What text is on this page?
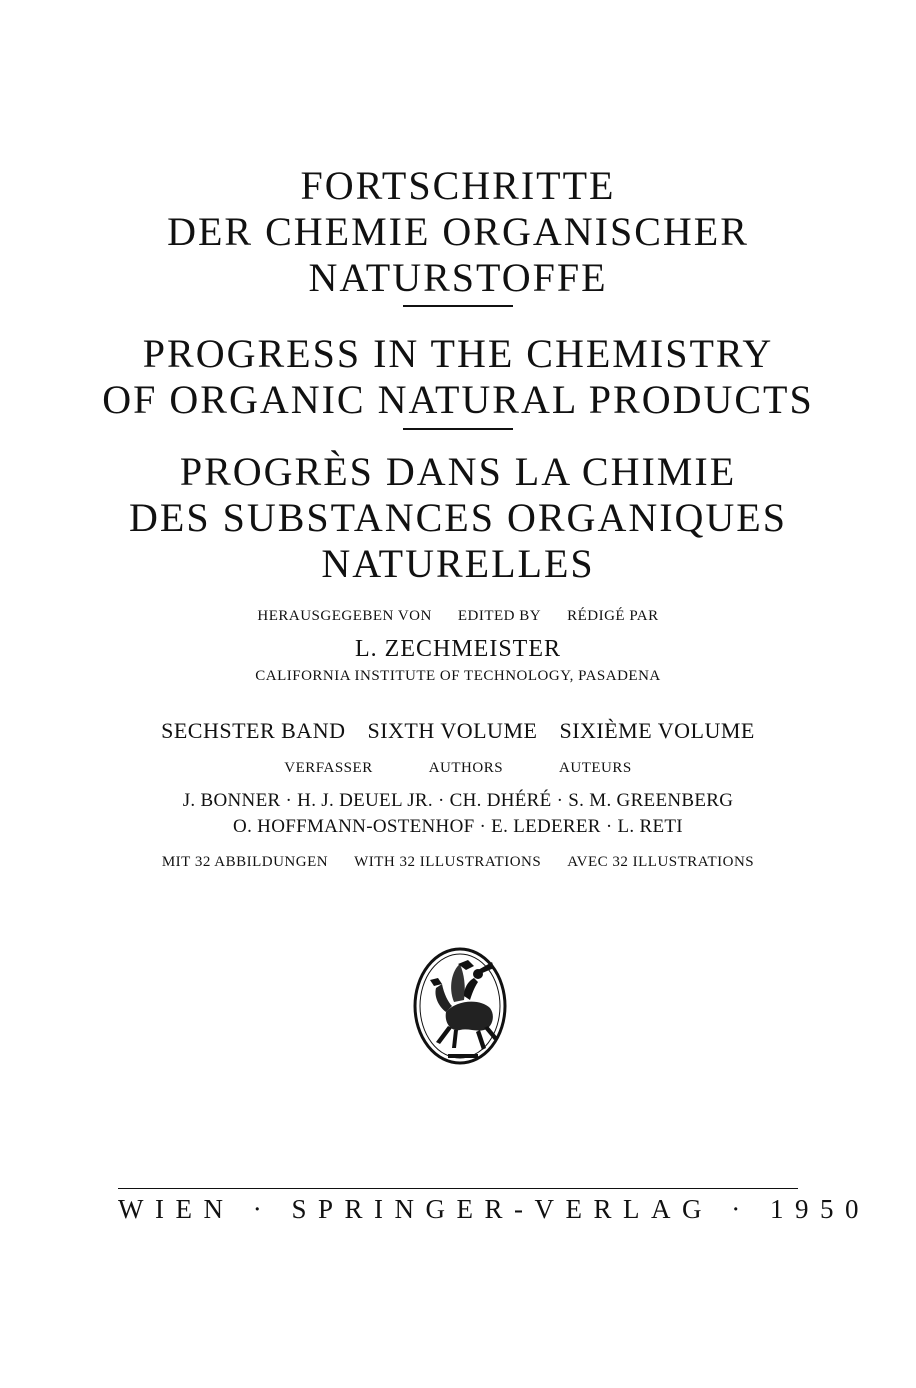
FORTSCHRITTE
DER CHEMIE ORGANISCHER
NATURSTOFFE
PROGRESS IN THE CHEMISTRY
OF ORGANIC NATURAL PRODUCTS
PROGRÈS DANS LA CHIMIE
DES SUBSTANCES ORGANIQUES
NATURELLES
HERAUSGEGEBEN VON EDITED BY RÉDIGÉ PAR
L. ZECHMEISTER
CALIFORNIA INSTITUTE OF TECHNOLOGY, PASADENA
SECHSTER BAND SIXTH VOLUME SIXIÈME VOLUME
VERFASSER	AUTHORS	AUTEURS
J. BONNER · H. J. DEUEL JR. · CH. DHÉRÉ · S. M. GREENBERG
O. HOFFMANN-OSTENHOF · E. LEDERER · L. RETI
MIT 32 ABBILDUNGEN WITH 32 ILLUSTRATIONS AVEC 32 ILLUSTRATIONS
WIEN · SPRINGER-VERLAG · 1950
